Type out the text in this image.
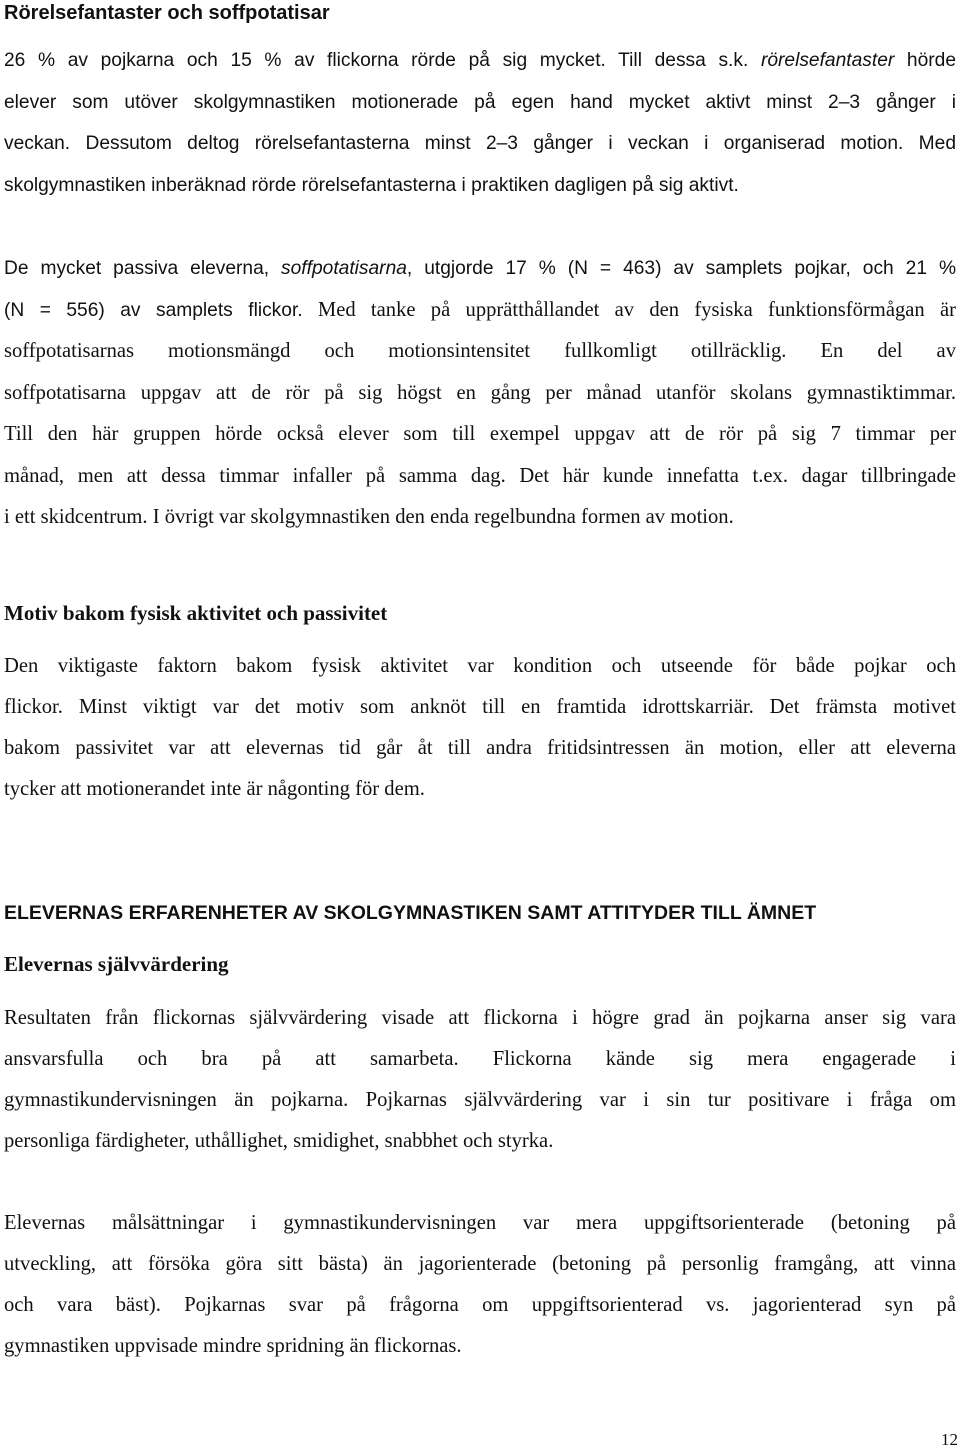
Rörelsefantaster och soffpotatisar

26 % av pojkarna och 15 % av flickorna rörde på sig mycket. Till dessa s.k. rörelsefantaster hörde
elever som utöver skolgymnastiken motionerade på egen hand mycket aktivt minst 2–3 gånger i
veckan. Dessutom deltog rörelsefantasterna minst 2–3 gånger i veckan i organiserad motion. Med
skolgymnastiken inberäknad rörde rörelsefantasterna i praktiken dagligen på sig aktivt.

De mycket passiva eleverna, soffpotatisarna, utgjorde 17 % (N = 463) av samplets pojkar, och 21 %
(N = 556) av samplets flickor. Med tanke på upprätthållandet av den fysiska funktionsförmågan är
soffpotatisarnas motionsmängd och motionsintensitet fullkomligt otillräcklig. En del av
soffpotatisarna uppgav att de rör på sig högst en gång per månad utanför skolans gymnastiktimmar.
Till den här gruppen hörde också elever som till exempel uppgav att de rör på sig 7 timmar per
månad, men att dessa timmar infaller på samma dag. Det här kunde innefatta t.ex. dagar tillbringade
i ett skidcentrum. I övrigt var skolgymnastiken den enda regelbundna formen av motion.

Motiv bakom fysisk aktivitet och passivitet

Den viktigaste faktorn bakom fysisk aktivitet var kondition och utseende för både pojkar och
flickor. Minst viktigt var det motiv som anknöt till en framtida idrottskarriär. Det främsta motivet
bakom passivitet var att elevernas tid går åt till andra fritidsintressen än motion, eller att eleverna
tycker att motionerandet inte är någonting för dem.

ELEVERNAS ERFARENHETER AV SKOLGYMNASTIKEN SAMT ATTITYDER TILL ÄMNET
Elevernas självvärdering

Resultaten från flickornas självvärdering visade att flickorna i högre grad än pojkarna anser sig vara
ansvarsfulla och bra på att samarbeta. Flickorna kände sig mera engagerade i
gymnastikundervisningen än pojkarna. Pojkarnas självvärdering var i sin tur positivare i fråga om
personliga färdigheter, uthållighet, smidighet, snabbhet och styrka.

Elevernas målsättningar i gymnastikundervisningen var mera uppgiftsorienterade (betoning på
utveckling, att försöka göra sitt bästa) än jagorienterade (betoning på personlig framgång, att vinna
och vara bäst). Pojkarnas svar på frågorna om uppgiftsorienterad vs. jagorienterad syn på
gymnastiken uppvisade mindre spridning än flickornas.

12
